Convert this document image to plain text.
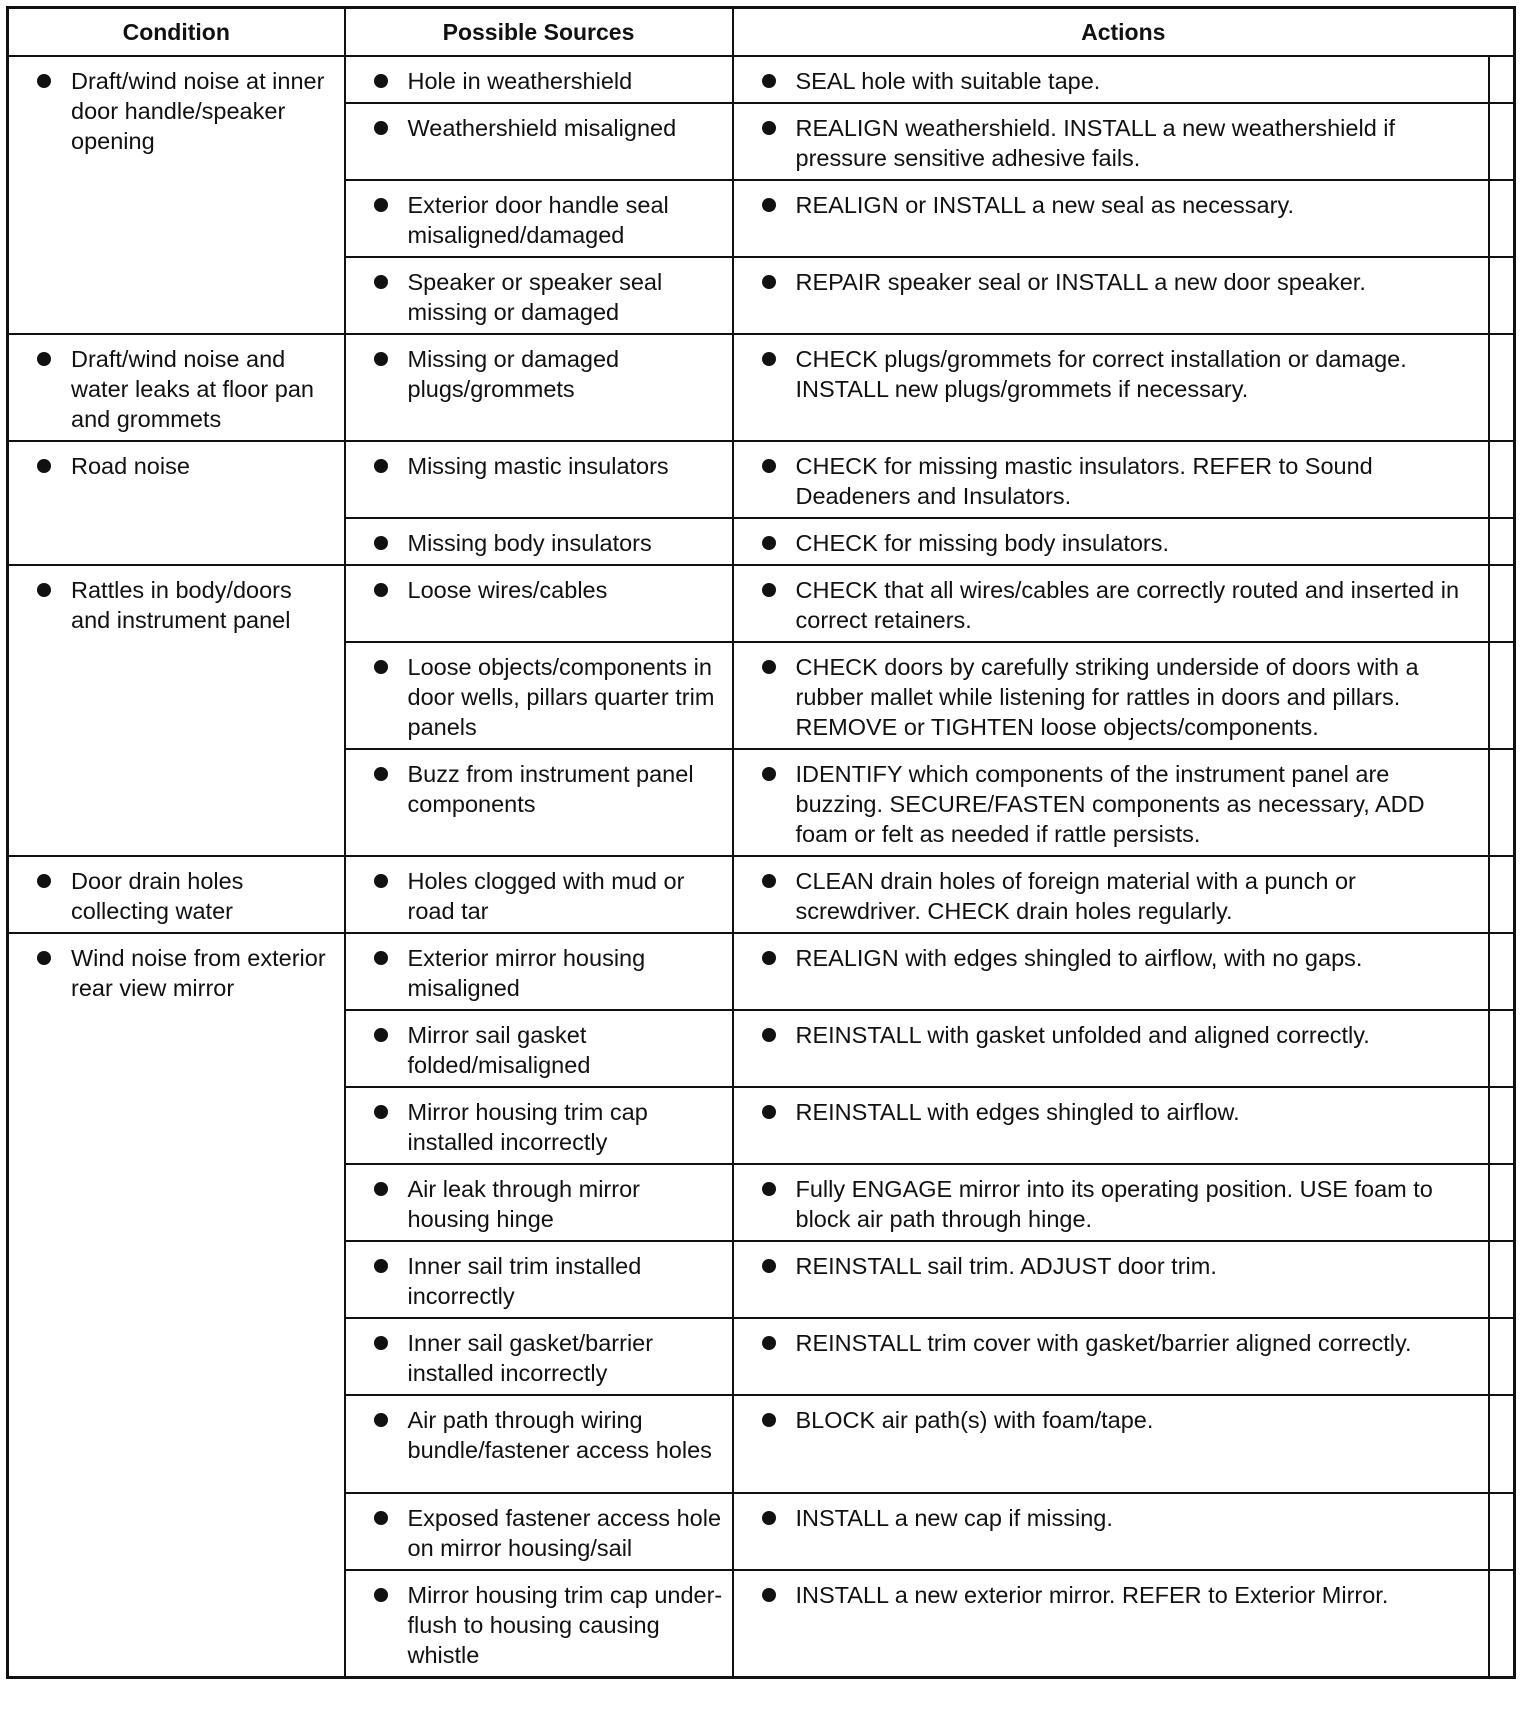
Condition	Possible Sources	Actions	

Draft/wind noise at inner door handle/speaker opening	Hole in weathershield	SEAL hole with suitable tape.	

	Weathershield misaligned	REALIGN weathershield. INSTALL a new weathershield if pressure sensitive adhesive fails.	

	Exterior door handle seal misaligned/damaged	REALIGN or INSTALL a new seal as necessary.	

	Speaker or speaker seal missing or damaged	REPAIR speaker seal or INSTALL a new door speaker.	

Draft/wind noise and water leaks at floor pan and grommets	Missing or damaged plugs/grommets	CHECK plugs/grommets for correct installation or damage. INSTALL new plugs/grommets if necessary.	

Road noise	Missing mastic insulators	CHECK for missing mastic insulators. REFER to Sound Deadeners and Insulators.	

	Missing body insulators	CHECK for missing body insulators.	

Rattles in body/doors and instrument panel	Loose wires/cables	CHECK that all wires/cables are correctly routed and inserted in correct retainers.	

	Loose objects/components in door wells, pillars quarter trim panels	CHECK doors by carefully striking underside of doors with a rubber mallet while listening for rattles in doors and pillars. REMOVE or TIGHTEN loose objects/components.	

	Buzz from instrument panel components	IDENTIFY which components of the instrument panel are buzzing. SECURE/FASTEN components as necessary, ADD foam or felt as needed if rattle persists.	

Door drain holes collecting water	Holes clogged with mud or road tar	CLEAN drain holes of foreign material with a punch or screwdriver. CHECK drain holes regularly.	

Wind noise from exterior rear view mirror	Exterior mirror housing misaligned	REALIGN with edges shingled to airflow, with no gaps.	

	Mirror sail gasket folded/misaligned	REINSTALL with gasket unfolded and aligned correctly.	

	Mirror housing trim cap installed incorrectly	REINSTALL with edges shingled to airflow.	

	Air leak through mirror housing hinge	Fully ENGAGE mirror into its operating position. USE foam to block air path through hinge.	

	Inner sail trim installed incorrectly	REINSTALL sail trim. ADJUST door trim.	

	Inner sail gasket/barrier installed incorrectly	REINSTALL trim cover with gasket/barrier aligned correctly.	

	Air path through wiring bundle/fastener access holes	BLOCK air path(s) with foam/tape.	

	Exposed fastener access hole on mirror housing/sail	INSTALL a new cap if missing.	

	Mirror housing trim cap under-flush to housing causing whistle	INSTALL a new exterior mirror. REFER to Exterior Mirror.	
